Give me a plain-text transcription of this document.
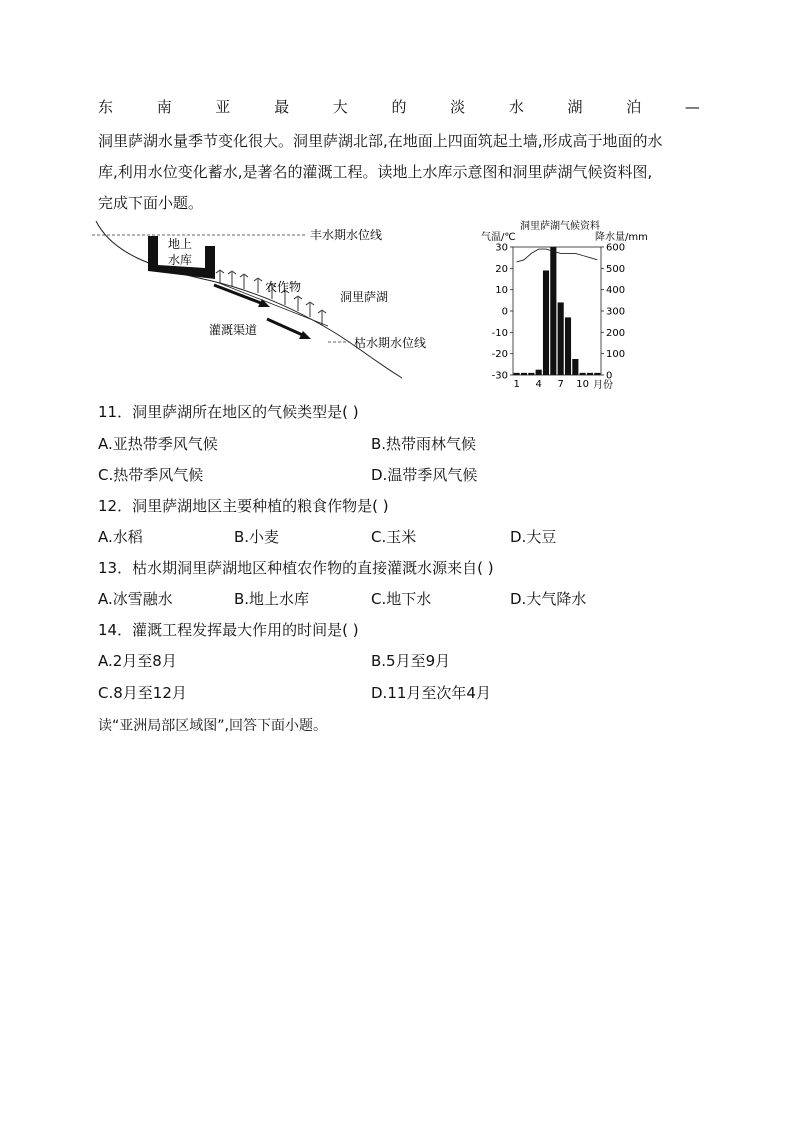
东	南	亚	最	大	的	淡	水	湖	泊	—
洞里萨湖水量季节变化很大。洞里萨湖北部,在地面上四面筑起土墙,形成高于地面的水
库,利用水位变化蓄水,是著名的灌溉工程。读地上水库示意图和洞里萨湖气候资料图,
完成下面小题。
地上
水库
丰水期水位线
农作物
洞里萨湖
灌溉渠道
枯水期水位线
洞里萨湖气候资料
气温/℃	降水量/mm
30
20
10
0
-10
-20
-30
600
500
400
300
200
100
0
1 4 7 10 月份
11．洞里萨湖所在地区的气候类型是( )
A.亚热带季风气候	B.热带雨林气候
C.热带季风气候	D.温带季风气候
12．洞里萨湖地区主要种植的粮食作物是( )
A.水稻	B.小麦	C.玉米	D.大豆
13．枯水期洞里萨湖地区种植农作物的直接灌溉水源来自( )
A.冰雪融水	B.地上水库	C.地下水	D.大气降水
14．灌溉工程发挥最大作用的时间是( )
A.2月至8月	B.5月至9月
C.8月至12月	D.11月至次年4月
读“亚洲局部区域图”,回答下面小题。
